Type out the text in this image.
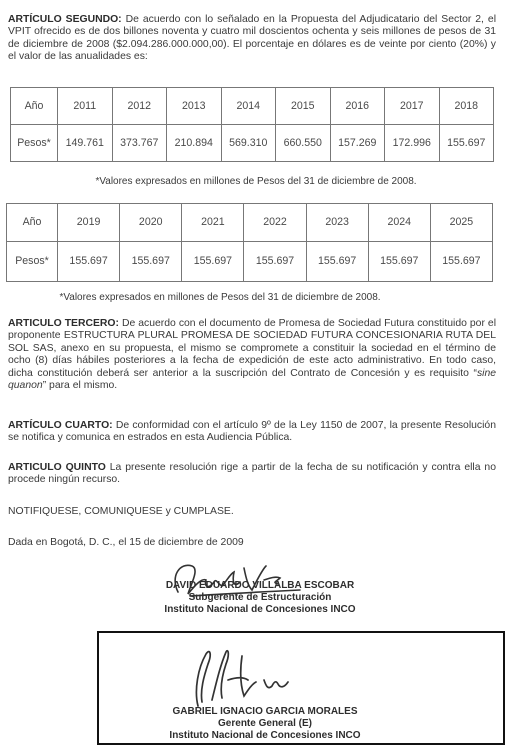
ARTÍCULO SEGUNDO: De acuerdo con lo señalado en la Propuesta del Adjudicatario del Sector 2, el VPIT ofrecido es de dos billones noventa y cuatro mil doscientos ochenta y seis millones de pesos de 31 de diciembre de 2008 ($2.094.286.000.000,00). El porcentaje en dólares es de veinte por ciento (20%) y el valor de las anualidades es:

Año	2011	2012	2013	2014	2015	2016	2017	2018
Pesos*	149.761	373.767	210.894	569.310	660.550	157.269	172.996	155.697

*Valores expresados en millones de Pesos del 31 de diciembre de 2008.

Año	2019	2020	2021	2022	2023	2024	2025
Pesos*	155.697	155.697	155.697	155.697	155.697	155.697	155.697

*Valores expresados en millones de Pesos del 31 de diciembre de 2008.

ARTICULO TERCERO: De acuerdo con el documento de Promesa de Sociedad Futura constituido por el proponente ESTRUCTURA PLURAL PROMESA DE SOCIEDAD FUTURA CONCESIONARIA RUTA DEL SOL SAS, anexo en su propuesta, el mismo se compromete a constituir la sociedad en el término de ocho (8) días hábiles posteriores a la fecha de expedición de este acto administrativo. En todo caso, dicha constitución deberá ser anterior a la suscripción del Contrato de Concesión y es requisito “sine quanon” para el mismo.

ARTÍCULO CUARTO: De conformidad con el artículo 9º de la Ley 1150 de 2007, la presente Resolución se notifica y comunica en estrados en esta Audiencia Pública.

ARTICULO QUINTO La presente resolución rige a partir de la fecha de su notificación y contra ella no procede ningún recurso.

NOTIFIQUESE, COMUNIQUESE y CUMPLASE.

Dada en Bogotá, D. C., el 15 de diciembre de 2009

DAVID EDUARDO VILLALBA ESCOBAR
Subgerente de Estructuración
Instituto Nacional de Concesiones INCO
GABRIEL IGNACIO GARCIA MORALES
Gerente General (E)
Instituto Nacional de Concesiones INCO
